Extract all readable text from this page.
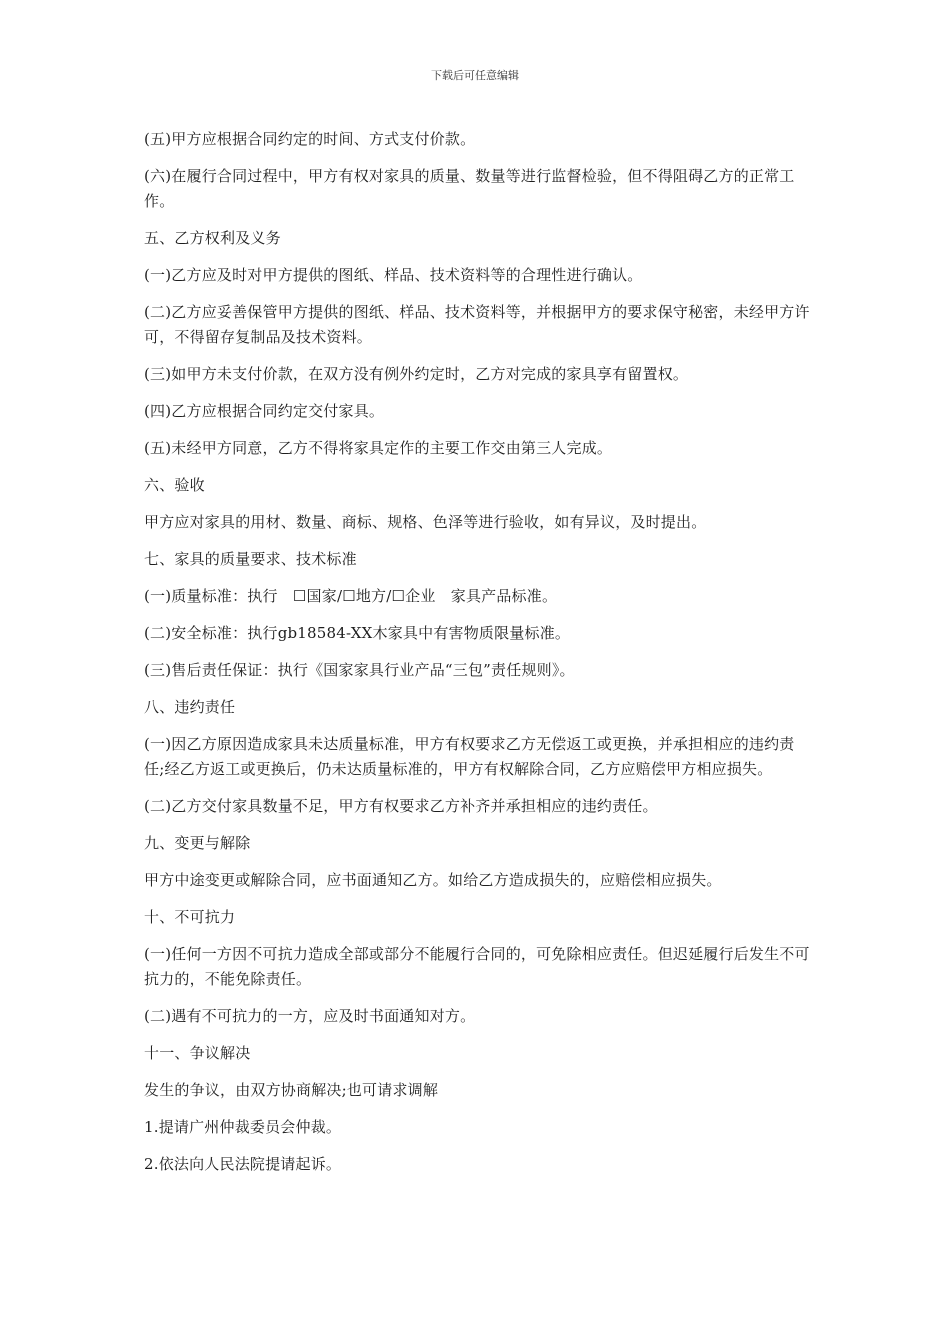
下载后可任意编辑

(五)甲方应根据合同约定的时间、方式支付价款。

(六)在履行合同过程中，甲方有权对家具的质量、数量等进行监督检验，但不得阻碍乙方的正常工作。

五、乙方权利及义务

(一)乙方应及时对甲方提供的图纸、样品、技术资料等的合理性进行确认。

(二)乙方应妥善保管甲方提供的图纸、样品、技术资料等，并根据甲方的要求保守秘密，未经甲方许可，不得留存复制品及技术资料。

(三)如甲方未支付价款，在双方没有例外约定时，乙方对完成的家具享有留置权。

(四)乙方应根据合同约定交付家具。

(五)未经甲方同意，乙方不得将家具定作的主要工作交由第三人完成。

六、验收

甲方应对家具的用材、数量、商标、规格、色泽等进行验收，如有异议，及时提出。

七、家具的质量要求、技术标准

(一)质量标准：执行　☐国家/☐地方/☐企业　家具产品标准。

(二)安全标准：执行gb18584-XX木家具中有害物质限量标准。

(三)售后责任保证：执行《国家家具行业产品“三包”责任规则》。

八、违约责任

(一)因乙方原因造成家具未达质量标准，甲方有权要求乙方无偿返工或更换，并承担相应的违约责任;经乙方返工或更换后，仍未达质量标准的，甲方有权解除合同，乙方应赔偿甲方相应损失。

(二)乙方交付家具数量不足，甲方有权要求乙方补齐并承担相应的违约责任。

九、变更与解除

甲方中途变更或解除合同，应书面通知乙方。如给乙方造成损失的，应赔偿相应损失。

十、不可抗力

(一)任何一方因不可抗力造成全部或部分不能履行合同的，可免除相应责任。但迟延履行后发生不可抗力的，不能免除责任。

(二)遇有不可抗力的一方，应及时书面通知对方。

十一、争议解决

发生的争议，由双方协商解决;也可请求调解

1.提请广州仲裁委员会仲裁。

2.依法向人民法院提请起诉。
